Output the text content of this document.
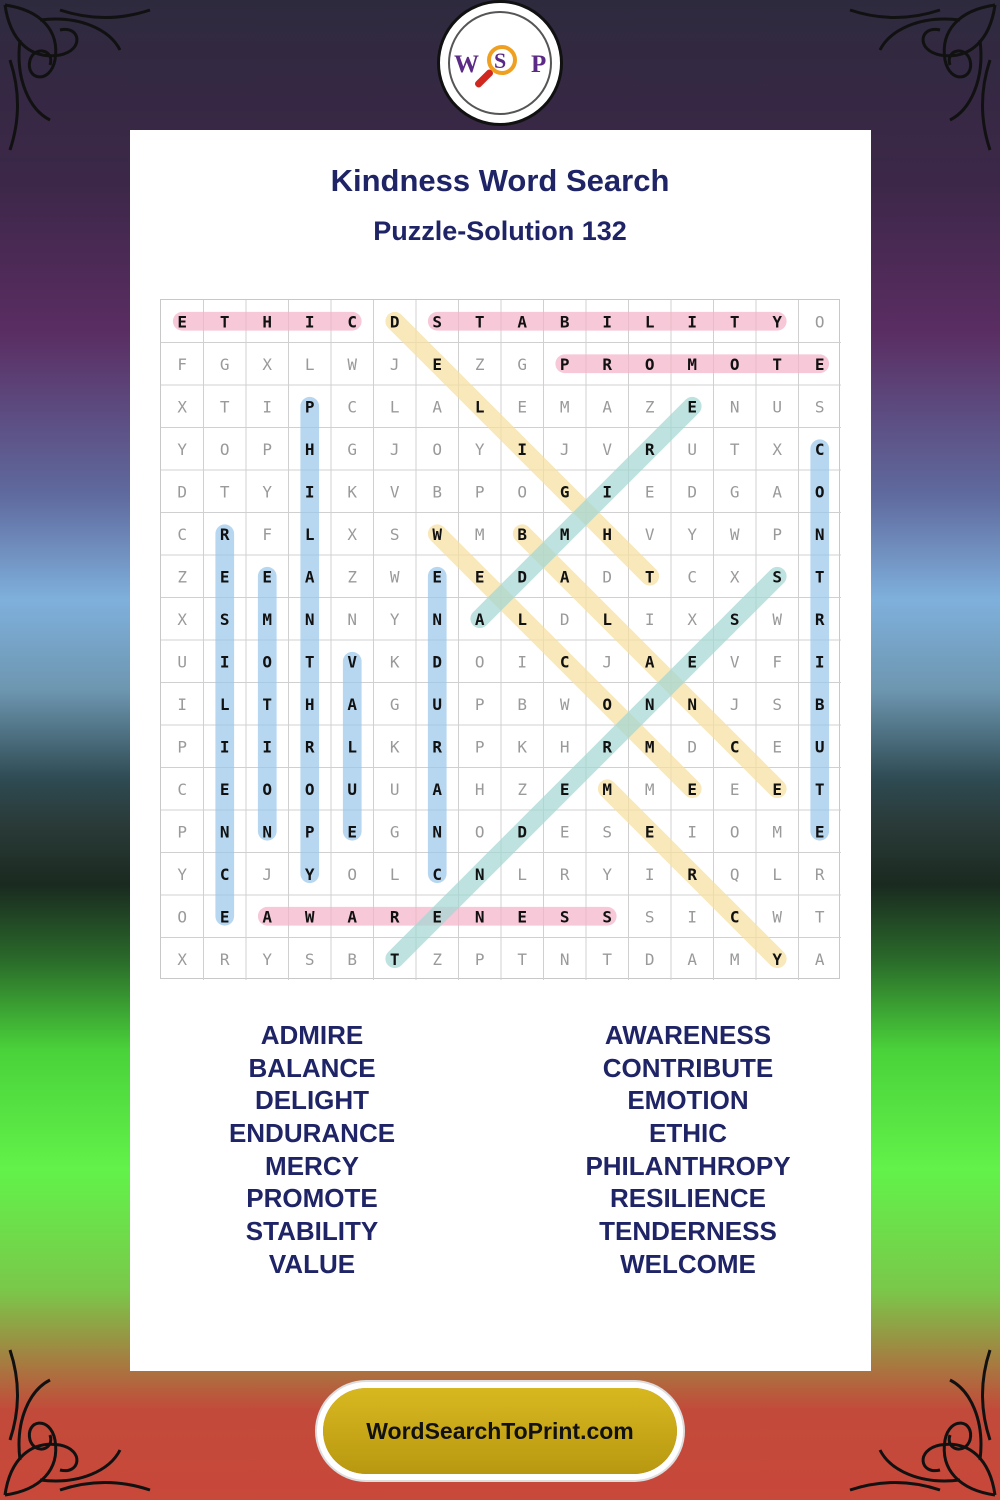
W S P
Kindness Word Search
Puzzle-Solution 132
E T H I C D S T A B I L I T Y O
F G X L W J E Z G P R O M O T E
X T I P C L A L E M A Z E N U S
Y O P H G J O Y I J V R U T X C
D T Y I K V B P O G I E D G A O
C R F L X S W M B M H V Y W P N
Z E E A Z W E E D A D T C X S T
X S M N N Y N A L D L I X S W R
U I O T V K D O I C J A E V F I
I L T H A G U P B W O N N J S B
P I I R L K R P K H R M D C E U
C E O O U U A H Z E M M E E E T
P N N P E G N O D E S E I O M E
Y C J Y O L C N L R Y I R Q L R
O E A W A R E N E S S S I C W T
X R Y S B T Z P T N T D A M Y A
ADMIRE
BALANCE
DELIGHT
ENDURANCE
MERCY
PROMOTE
STABILITY
VALUE
AWARENESS
CONTRIBUTE
EMOTION
ETHIC
PHILANTHROPY
RESILIENCE
TENDERNESS
WELCOME
WordSearchToPrint.com
